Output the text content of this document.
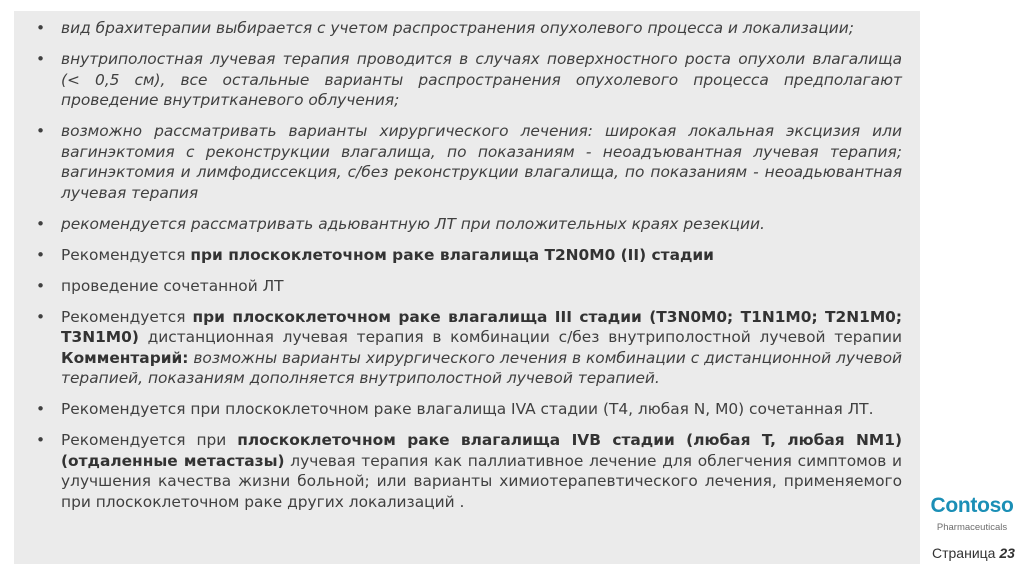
• вид брахитерапии выбирается с учетом распространения опухолевого процесса и локализации;
• внутриполостная лучевая терапия проводится в случаях поверхностного роста опухоли влагалища (< 0,5 см), все остальные варианты распространения опухолевого процесса предполагают проведение внутритканевого облучения;
• возможно рассматривать варианты хирургического лечения: широкая локальная эксцизия или вагинэктомия с реконструкции влагалища, по показаниям - неоадъювантная лучевая терапия; вагинэктомия и лимфодиссекция, с/без реконструкции влагалища, по показаниям - неоадьювантная лучевая терапия
• рекомендуется рассматривать адьювантную ЛТ при положительных краях резекции.
• Рекомендуется при плоскоклеточном раке влагалища T2N0M0 (II) стадии
• проведение сочетанной ЛТ
• Рекомендуется при плоскоклеточном раке влагалища III стадии (T3N0M0; T1N1M0; T2N1M0; T3N1M0) дистанционная лучевая терапия в комбинации с/без внутриполостной лучевой терапии Комментарий: возможны варианты хирургического лечения в комбинации с дистанционной лучевой терапией, показаниям дополняется внутриполостной лучевой терапией.
• Рекомендуется при плоскоклеточном раке влагалища IVA стадии (T4, любая N, M0) сочетанная ЛТ.
• Рекомендуется при плоскоклеточном раке влагалища IVB стадии (любая T, любая NM1) (отдаленные метастазы) лучевая терапия как паллиативное лечение для облегчения симптомов и улучшения качества жизни больной; или варианты химиотерапевтического лечения, применяемого при плоскоклеточном раке других локализаций .	Contoso
Pharmaceuticals
Страница 23
